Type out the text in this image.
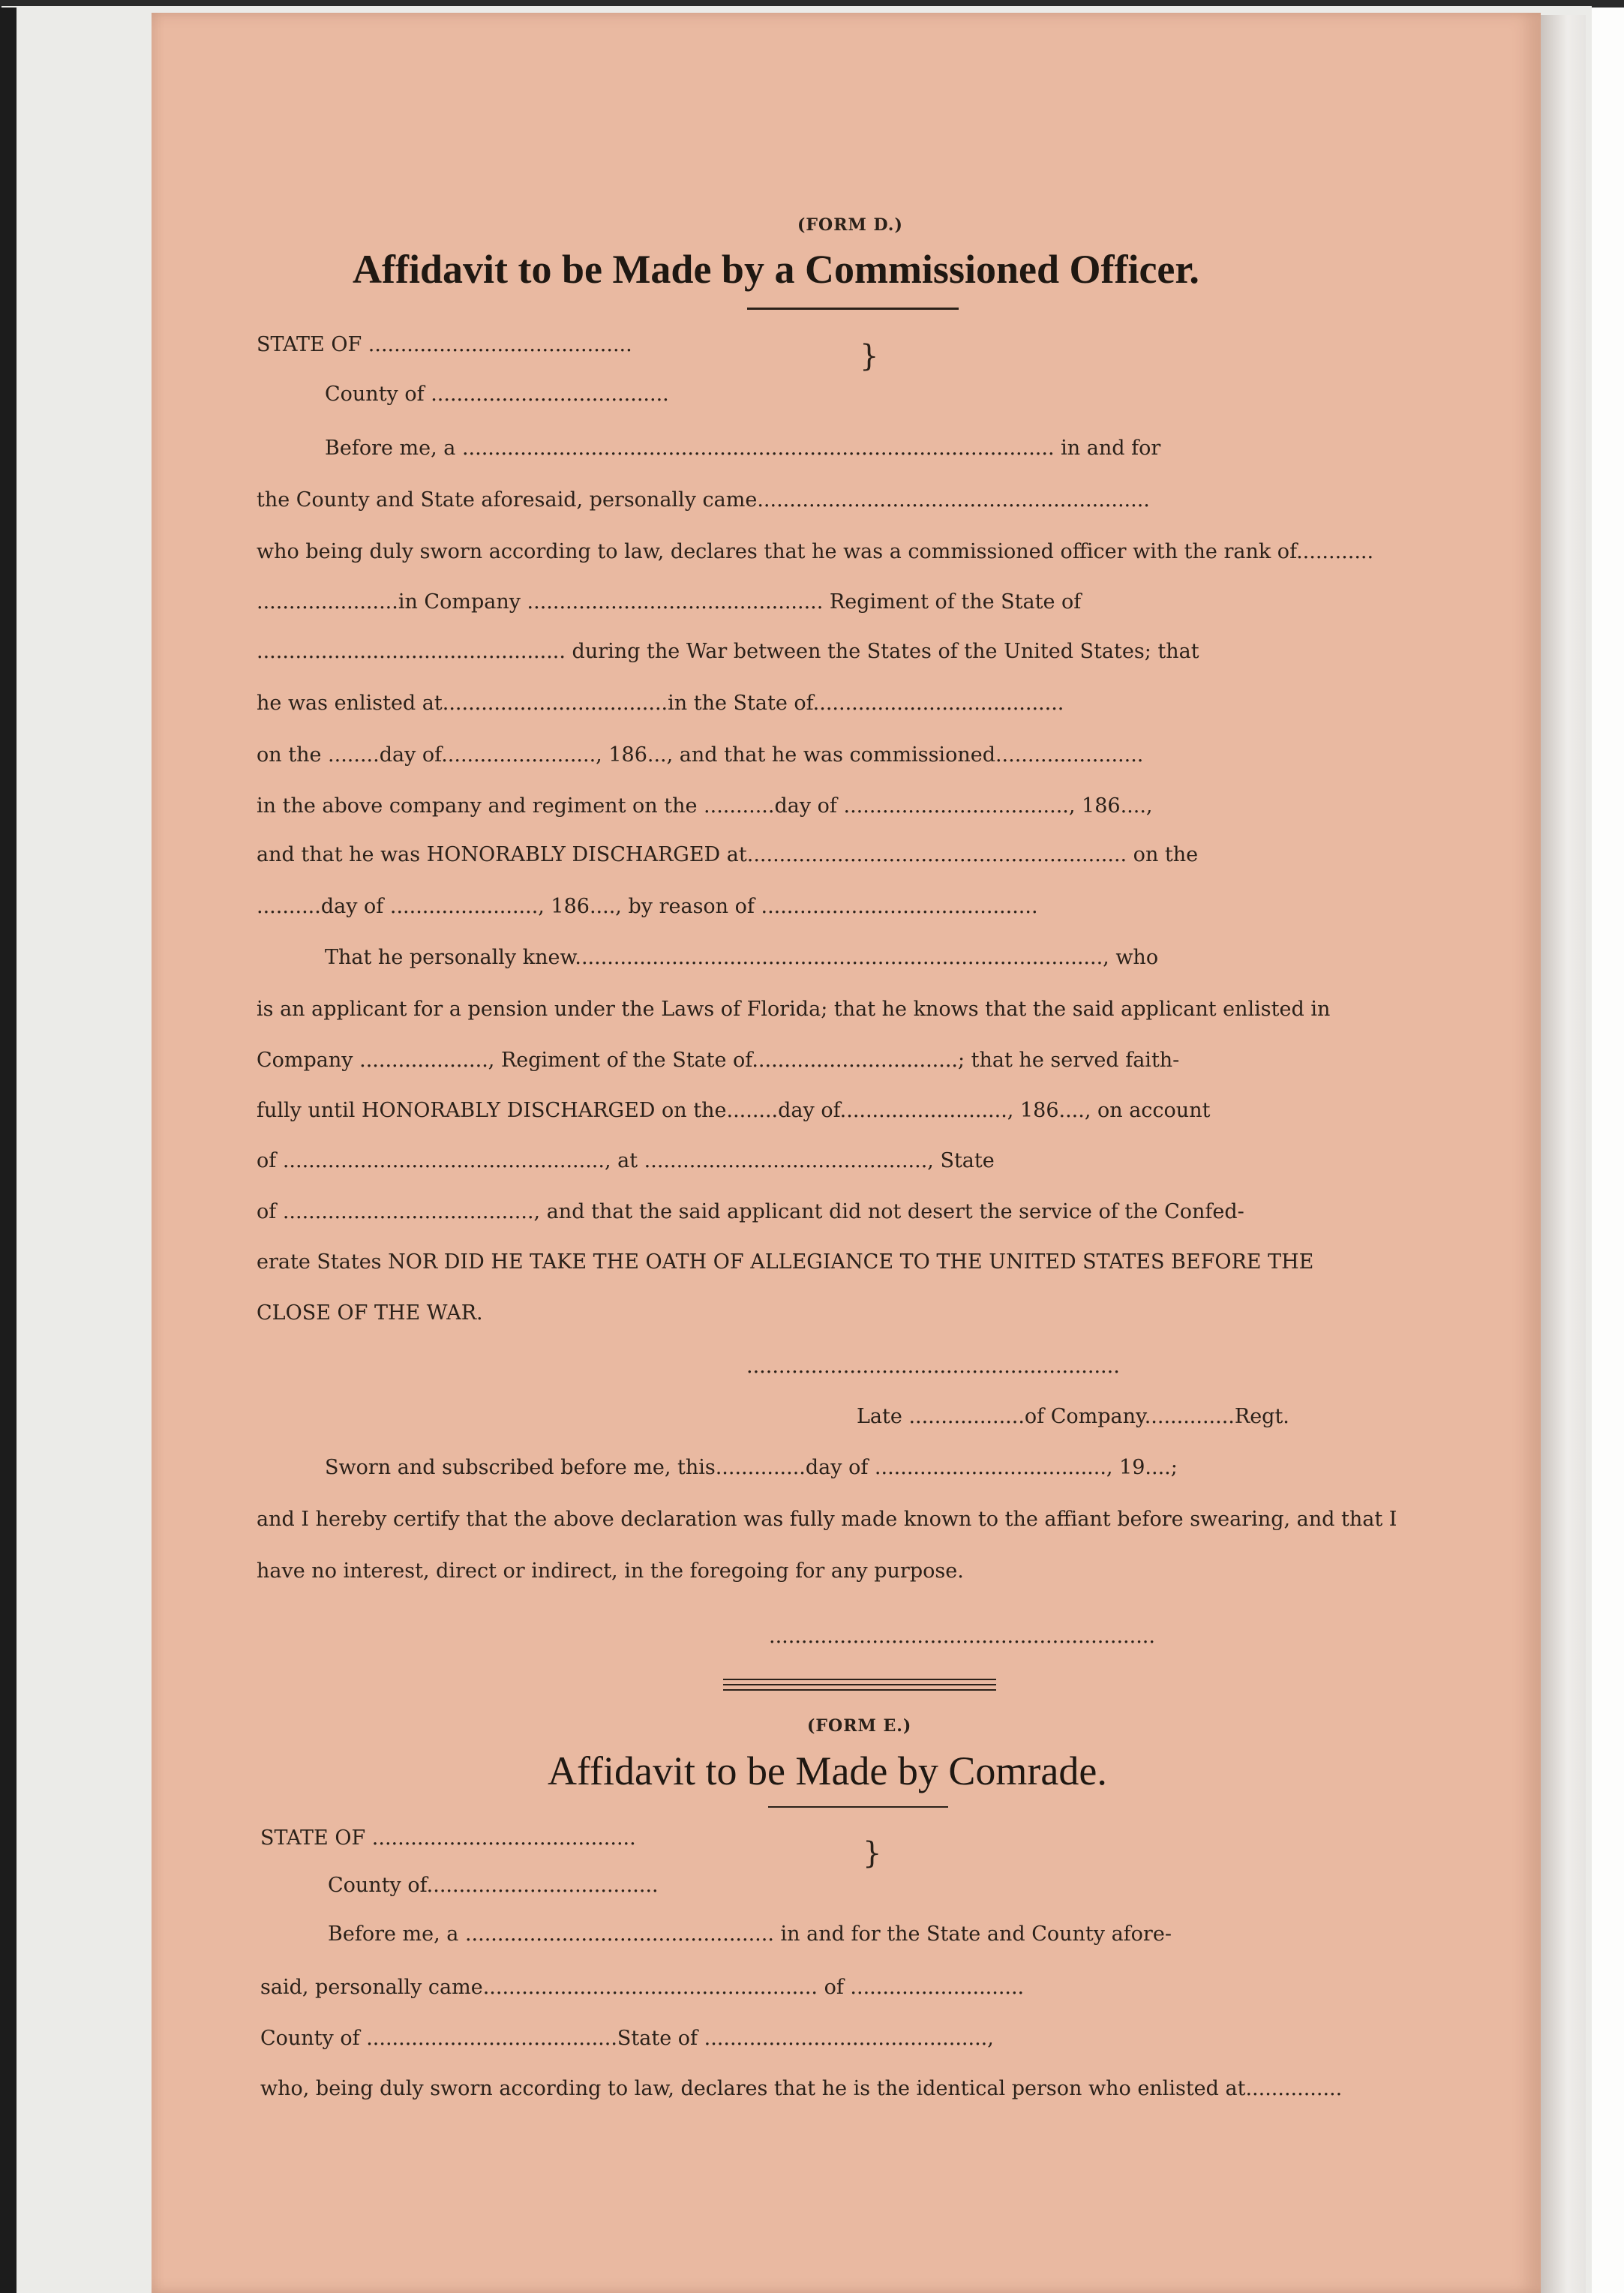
(FORM D.)
Affidavit to be Made by a Commissioned Officer.
STATE OF .........................................	}
County of .....................................
Before me, a ............................................................................................ in and for
the County and State aforesaid, personally came.............................................................
who being duly sworn according to law, declares that he was a commissioned officer with the rank of............
......................in Company .............................................. Regiment of the State of
................................................ during the War between the States of the United States; that
he was enlisted at...................................in the State of.......................................
on the ........day of........................, 186..., and that he was commissioned.......................
in the above company and regiment on the ...........day of ..................................., 186....,
and that he was HONORABLY DISCHARGED at........................................................... on the
..........day of ......................., 186...., by reason of ...........................................
That he personally knew.................................................................................., who
is an applicant for a pension under the Laws of Florida; that he knows that the said applicant enlisted in
Company ...................., Regiment of the State of................................; that he served faith-
fully until HONORABLY DISCHARGED on the........day of.........................., 186...., on account
of .................................................., at ............................................, State
of ......................................., and that the said applicant did not desert the service of the Confed-
erate States NOR DID HE TAKE THE OATH OF ALLEGIANCE TO THE UNITED STATES BEFORE THE
CLOSE OF THE WAR.
..........................................................
Late ..................of Company..............Regt.
Sworn and subscribed before me, this..............day of ...................................., 19....;
and I hereby certify that the above declaration was fully made known to the affiant before swearing, and that I
have no interest, direct or indirect, in the foregoing for any purpose.
............................................................
(FORM E.)
Affidavit to be Made by Comrade.
STATE OF .........................................	}
County of....................................
Before me, a ................................................ in and for the State and County afore-
said, personally came.................................................... of ...........................
County of .......................................State of ............................................,
who, being duly sworn according to law, declares that he is the identical person who enlisted at...............
